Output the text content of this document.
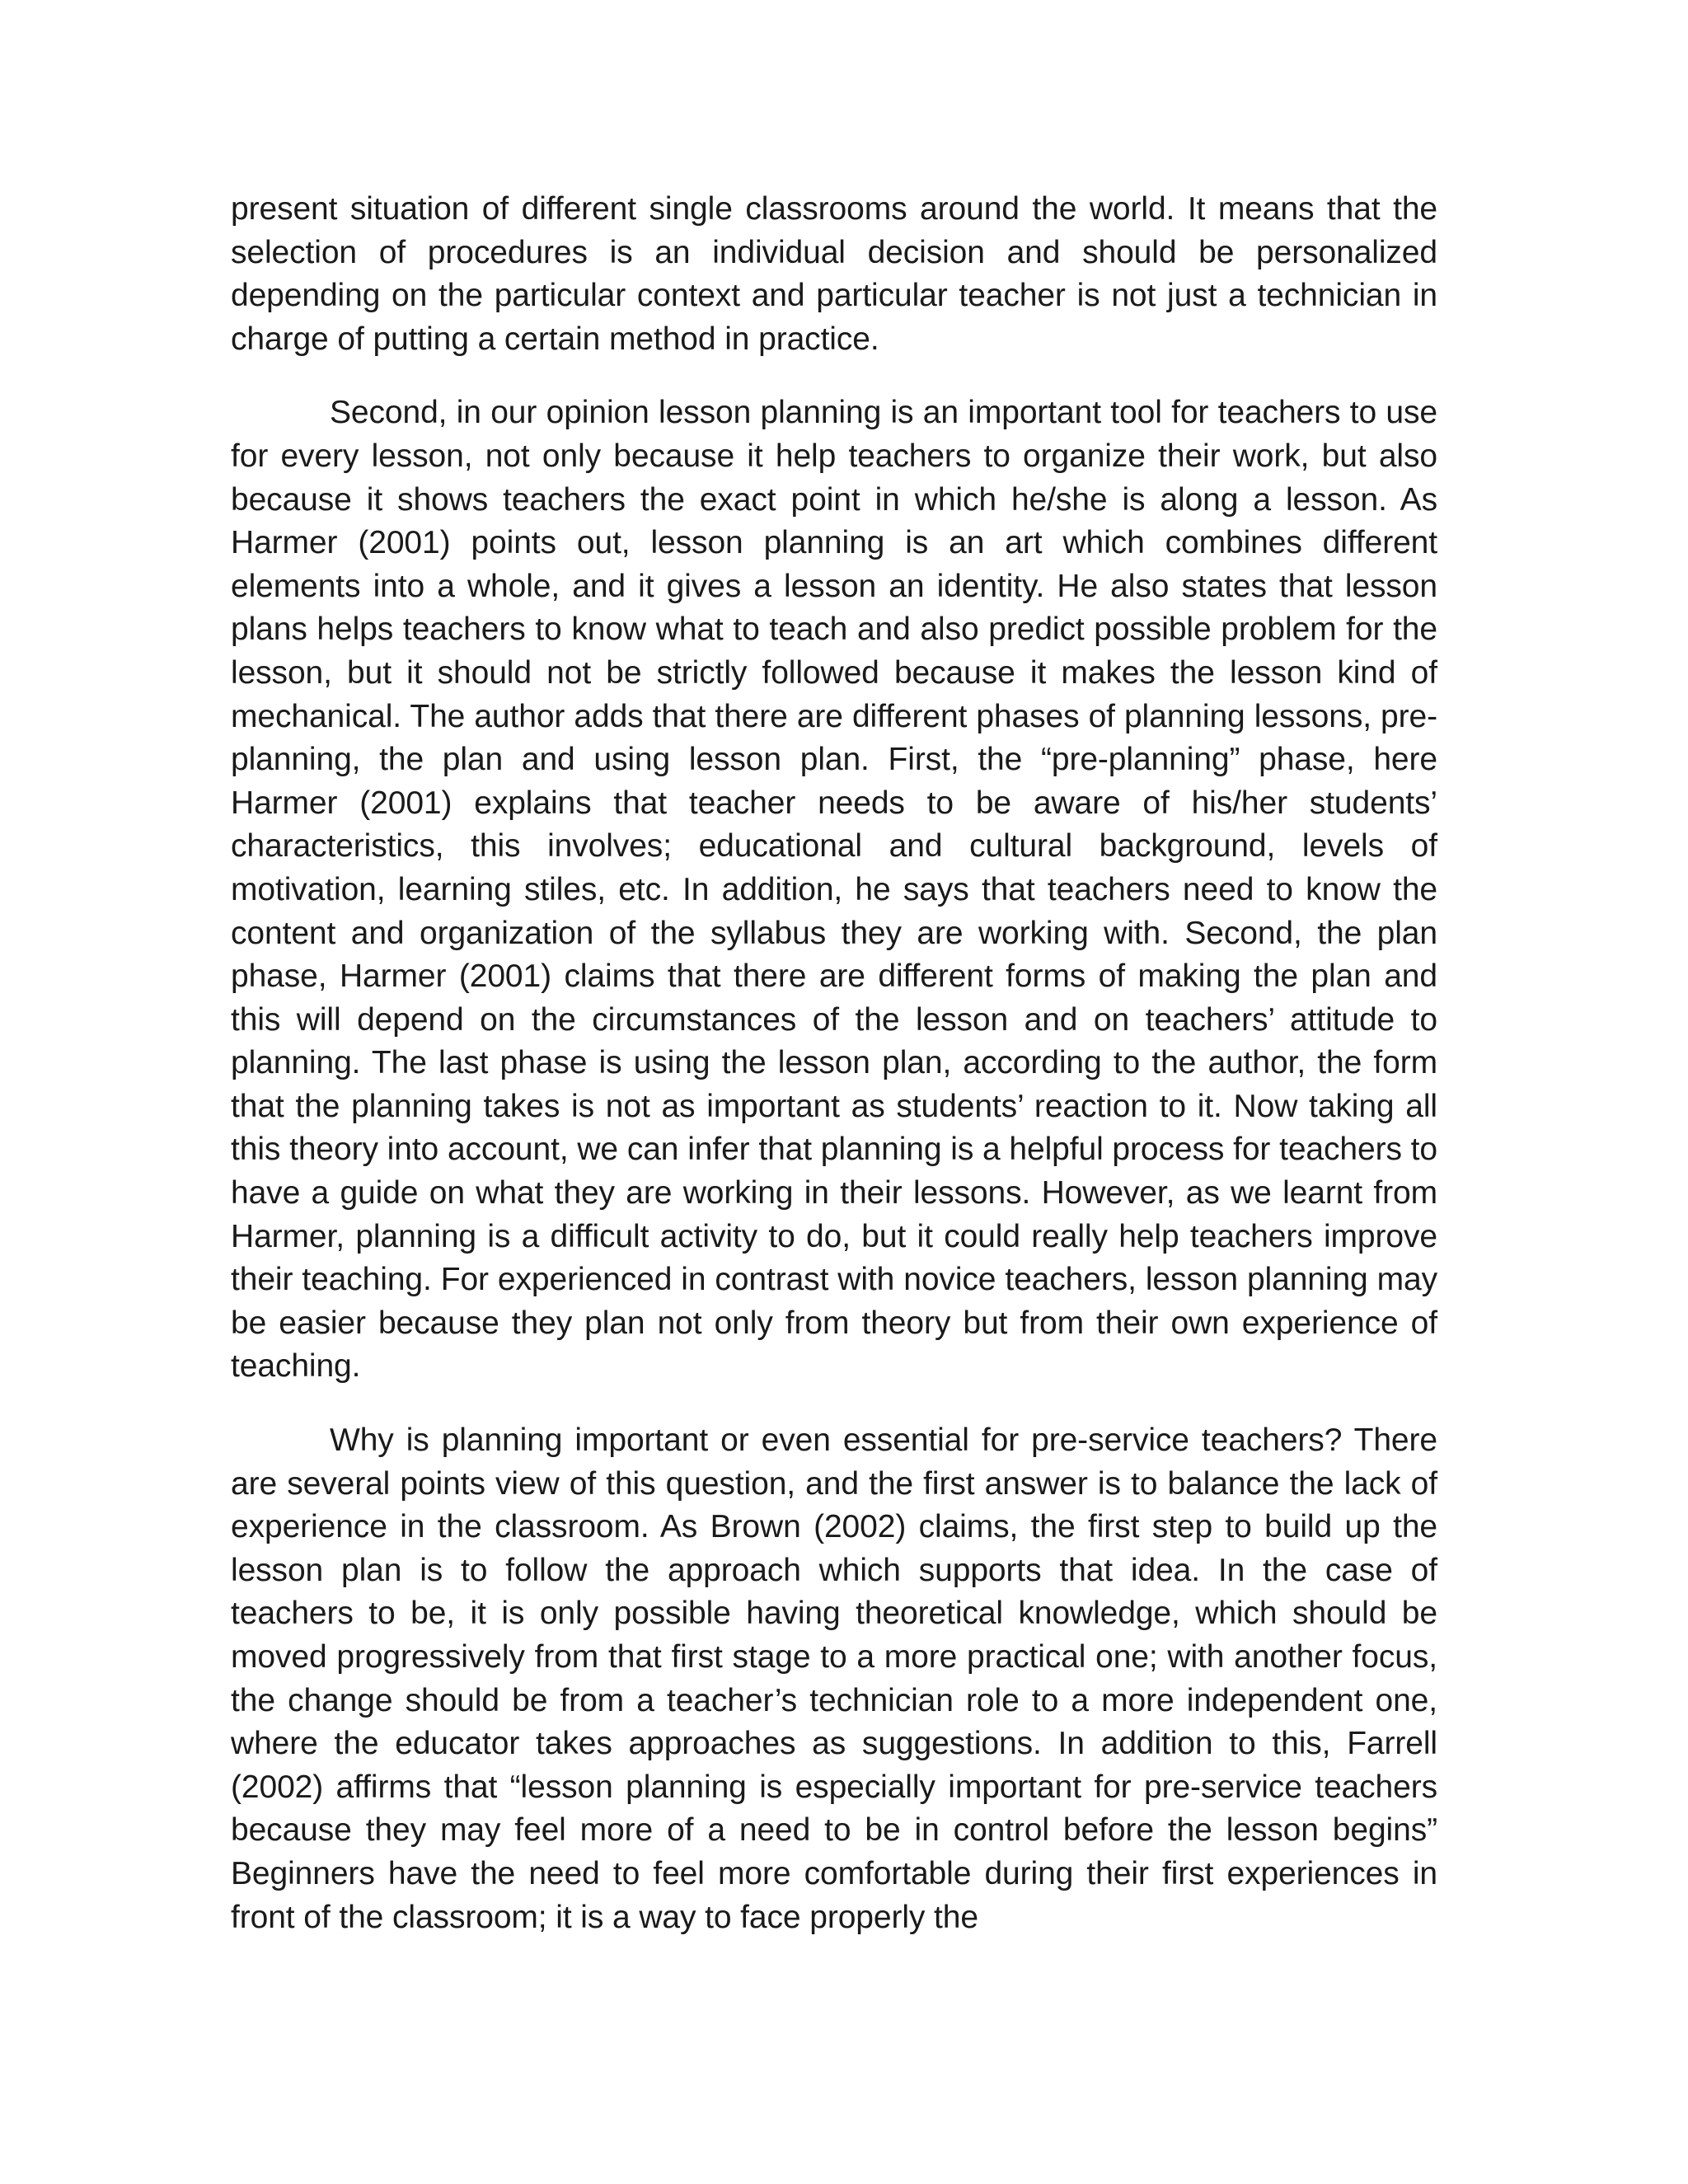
present situation of different single classrooms around the world. It means that the selection of procedures is an individual decision and should be personalized depending on the particular context and particular teacher is not just a technician in charge of putting a certain method in practice.

Second, in our opinion lesson planning is an important tool for teachers to use for every lesson, not only because it help teachers to organize their work, but also because it shows teachers the exact point in which he/she is along a lesson. As Harmer (2001) points out, lesson planning is an art which combines different elements into a whole, and it gives a lesson an identity. He also states that lesson plans helps teachers to know what to teach and also predict possible problem for the lesson, but it should not be strictly followed because it makes the lesson kind of mechanical. The author adds that there are different phases of planning lessons, pre-planning, the plan and using lesson plan. First, the “pre-planning” phase, here Harmer (2001) explains that teacher needs to be aware of his/her students’ characteristics, this involves; educational and cultural background, levels of motivation, learning stiles, etc. In addition, he says that teachers need to know the content and organization of the syllabus they are working with. Second, the plan phase, Harmer (2001) claims that there are different forms of making the plan and this will depend on the circumstances of the lesson and on teachers’ attitude to planning. The last phase is using the lesson plan, according to the author, the form that the planning takes is not as important as students’ reaction to it. Now taking all this theory into account, we can infer that planning is a helpful process for teachers to have a guide on what they are working in their lessons. However, as we learnt from Harmer, planning is a difficult activity to do, but it could really help teachers improve their teaching. For experienced in contrast with novice teachers, lesson planning may be easier because they plan not only from theory but from their own experience of teaching.

Why is planning important or even essential for pre-service teachers? There are several points view of this question, and the first answer is to balance the lack of experience in the classroom. As Brown (2002) claims, the first step to build up the lesson plan is to follow the approach which supports that idea. In the case of teachers to be, it is only possible having theoretical knowledge, which should be moved progressively from that first stage to a more practical one; with another focus, the change should be from a teacher’s technician role to a more independent one, where the educator takes approaches as suggestions. In addition to this, Farrell (2002) affirms that “lesson planning is especially important for pre-service teachers because they may feel more of a need to be in control before the lesson begins” Beginners have the need to feel more comfortable during their first experiences in front of the classroom; it is a way to face properly the
